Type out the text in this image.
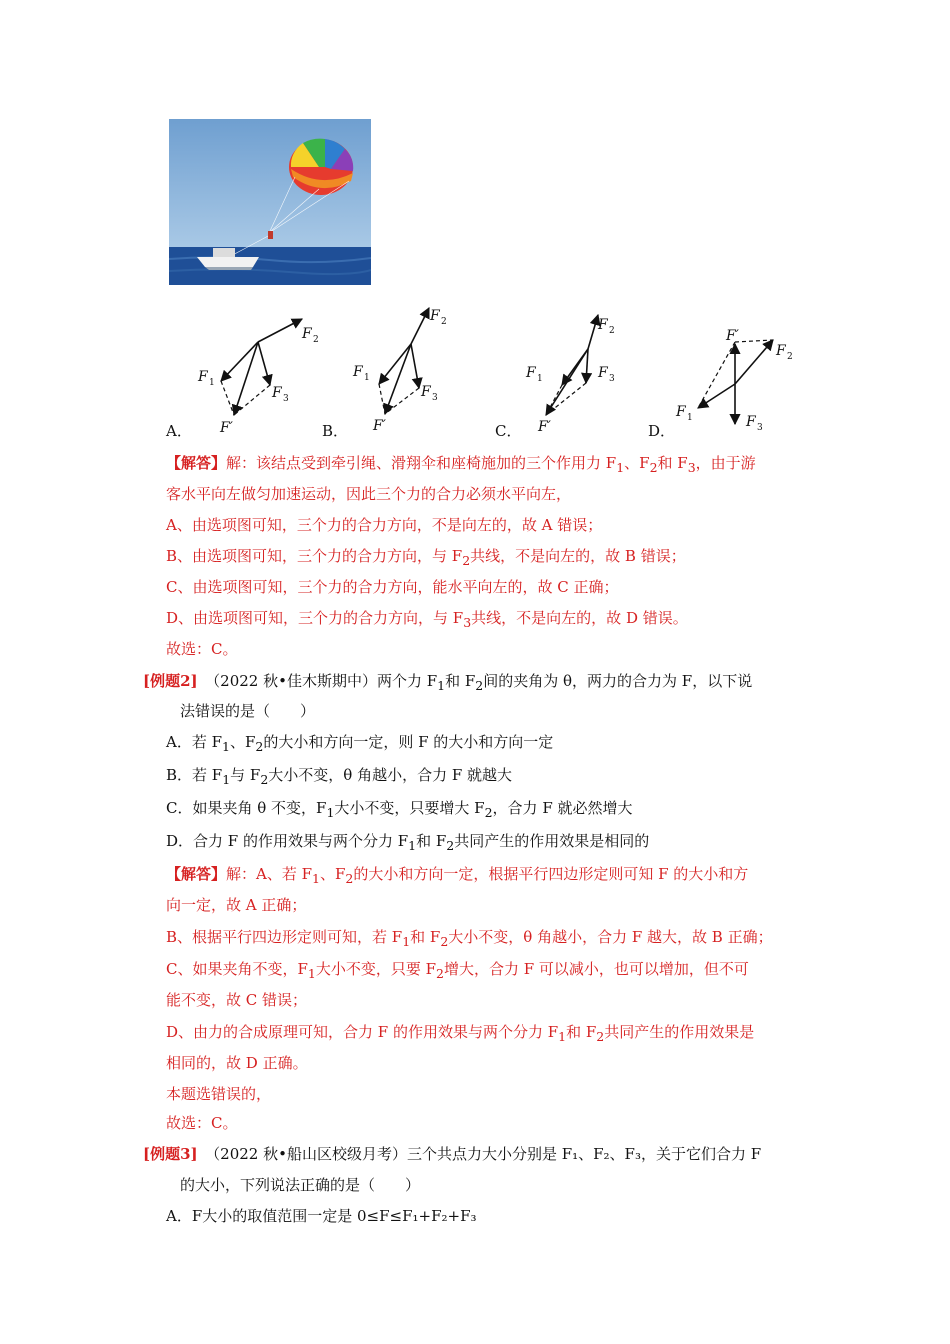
A．	B．	C．	D．
F 2
F 1
F 3
F′
F 2
F 1
F 3
F′
F 2
F 1	F 3
F′
F′
F 2
F 1	F 3
【解答】解：该结点受到牵引绳、滑翔伞和座椅施加的三个作用力 $F_1$、$F_2$和 $F_3$，由于游
客水平向左做匀加速运动，因此三个力的合力必须水平向左，
A、由选项图可知，三个力的合力方向，不是向左的，故 A 错误；
B、由选项图可知，三个力的合力方向，与 $F_2$共线，不是向左的，故 B 错误；
C、由选项图可知，三个力的合力方向，能水平向左的，故 C 正确；
D、由选项图可知，三个力的合力方向，与 $F_3$共线，不是向左的，故 D 错误。
故选：C。
[例题2]　 （2022 秋•佳木斯期中）两个力 $F_1$和 $F_2$间的夹角为 θ，两力的合力为 F，以下说
法错误的是（　　）
A．若 $F_1$、$F_2$的大小和方向一定，则 F 的大小和方向一定
B．若 $F_1$与 $F_2$大小不变，θ 角越小，合力 F 就越大
C．如果夹角 θ 不变，$F_1$大小不变，只要增大 $F_2$，合力 F 就必然增大
D．合力 F 的作用效果与两个分力 $F_1$和 $F_2$共同产生的作用效果是相同的
【解答】解：A、若 $F_1$、$F_2$的大小和方向一定，根据平行四边形定则可知 F 的大小和方
向一定，故 A 正确；
B、根据平行四边形定则可知，若 $F_1$和 $F_2$大小不变，θ 角越小，合力 F 越大，故 B 正确；
C、如果夹角不变，$F_1$大小不变，只要 $F_2$增大，合力 F 可以减小，也可以增加，但不可
能不变，故 C 错误；
D、由力的合成原理可知，合力 F 的作用效果与两个分力 $F_1$和 $F_2$共同产生的作用效果是
相同的，故 D 正确。
本题选错误的，
故选：C。
[例题3]　 （2022 秋•船山区校级月考）三个共点力大小分别是 F₁、F₂、F₃，关于它们合力 F
的大小，下列说法正确的是（　　）
A．F大小的取值范围一定是 0≤F≤F₁+F₂+F₃
